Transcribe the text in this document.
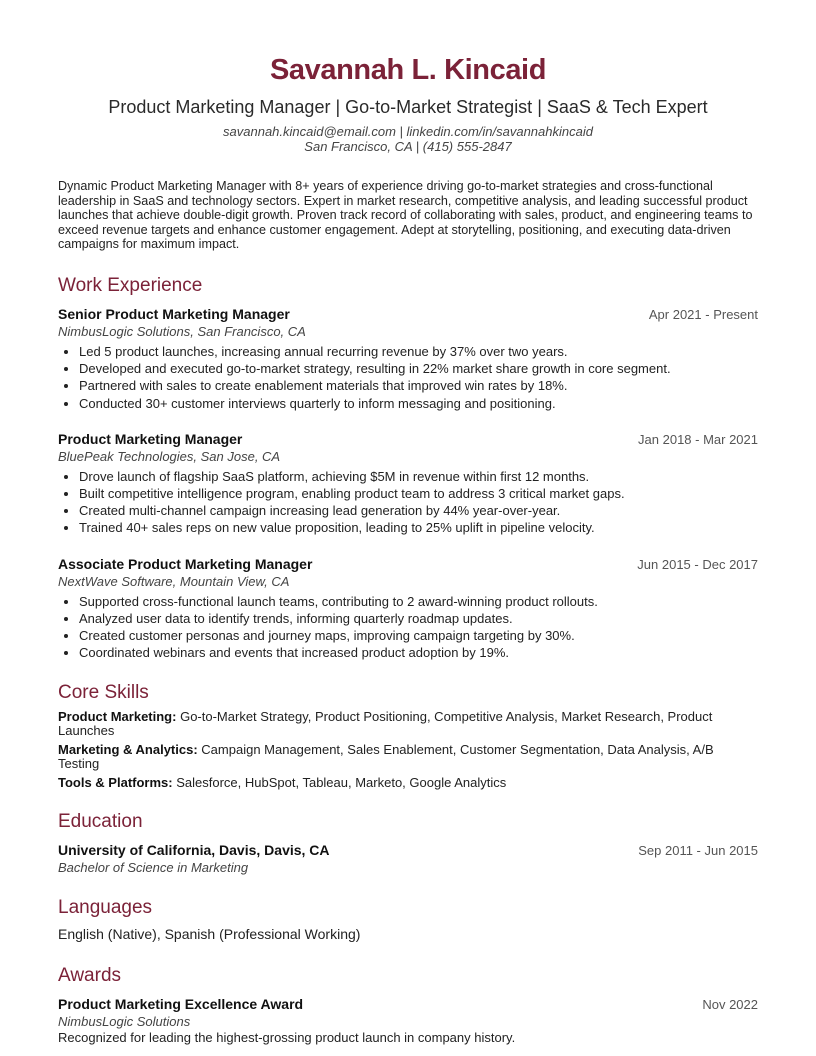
Savannah L. Kincaid
Product Marketing Manager | Go-to-Market Strategist | SaaS & Tech Expert
savannah.kincaid@email.com | linkedin.com/in/savannahkincaid
San Francisco, CA | (415) 555-2847
Dynamic Product Marketing Manager with 8+ years of experience driving go-to-market strategies and cross-functional leadership in SaaS and technology sectors. Expert in market research, competitive analysis, and leading successful product launches that achieve double-digit growth. Proven track record of collaborating with sales, product, and engineering teams to exceed revenue targets and enhance customer engagement. Adept at storytelling, positioning, and executing data-driven campaigns for maximum impact.
Work Experience
Senior Product Marketing Manager	Apr 2021 - Present
NimbusLogic Solutions, San Francisco, CA
• Led 5 product launches, increasing annual recurring revenue by 37% over two years.
• Developed and executed go-to-market strategy, resulting in 22% market share growth in core segment.
• Partnered with sales to create enablement materials that improved win rates by 18%.
• Conducted 30+ customer interviews quarterly to inform messaging and positioning.
Product Marketing Manager	Jan 2018 - Mar 2021
BluePeak Technologies, San Jose, CA
• Drove launch of flagship SaaS platform, achieving $5M in revenue within first 12 months.
• Built competitive intelligence program, enabling product team to address 3 critical market gaps.
• Created multi-channel campaign increasing lead generation by 44% year-over-year.
• Trained 40+ sales reps on new value proposition, leading to 25% uplift in pipeline velocity.
Associate Product Marketing Manager	Jun 2015 - Dec 2017
NextWave Software, Mountain View, CA
• Supported cross-functional launch teams, contributing to 2 award-winning product rollouts.
• Analyzed user data to identify trends, informing quarterly roadmap updates.
• Created customer personas and journey maps, improving campaign targeting by 30%.
• Coordinated webinars and events that increased product adoption by 19%.
Core Skills
Product Marketing: Go-to-Market Strategy, Product Positioning, Competitive Analysis, Market Research, Product Launches
Marketing & Analytics: Campaign Management, Sales Enablement, Customer Segmentation, Data Analysis, A/B Testing
Tools & Platforms: Salesforce, HubSpot, Tableau, Marketo, Google Analytics
Education
University of California, Davis, Davis, CA	Sep 2011 - Jun 2015
Bachelor of Science in Marketing
Languages
English (Native), Spanish (Professional Working)
Awards
Product Marketing Excellence Award	Nov 2022
NimbusLogic Solutions
Recognized for leading the highest-grossing product launch in company history.
